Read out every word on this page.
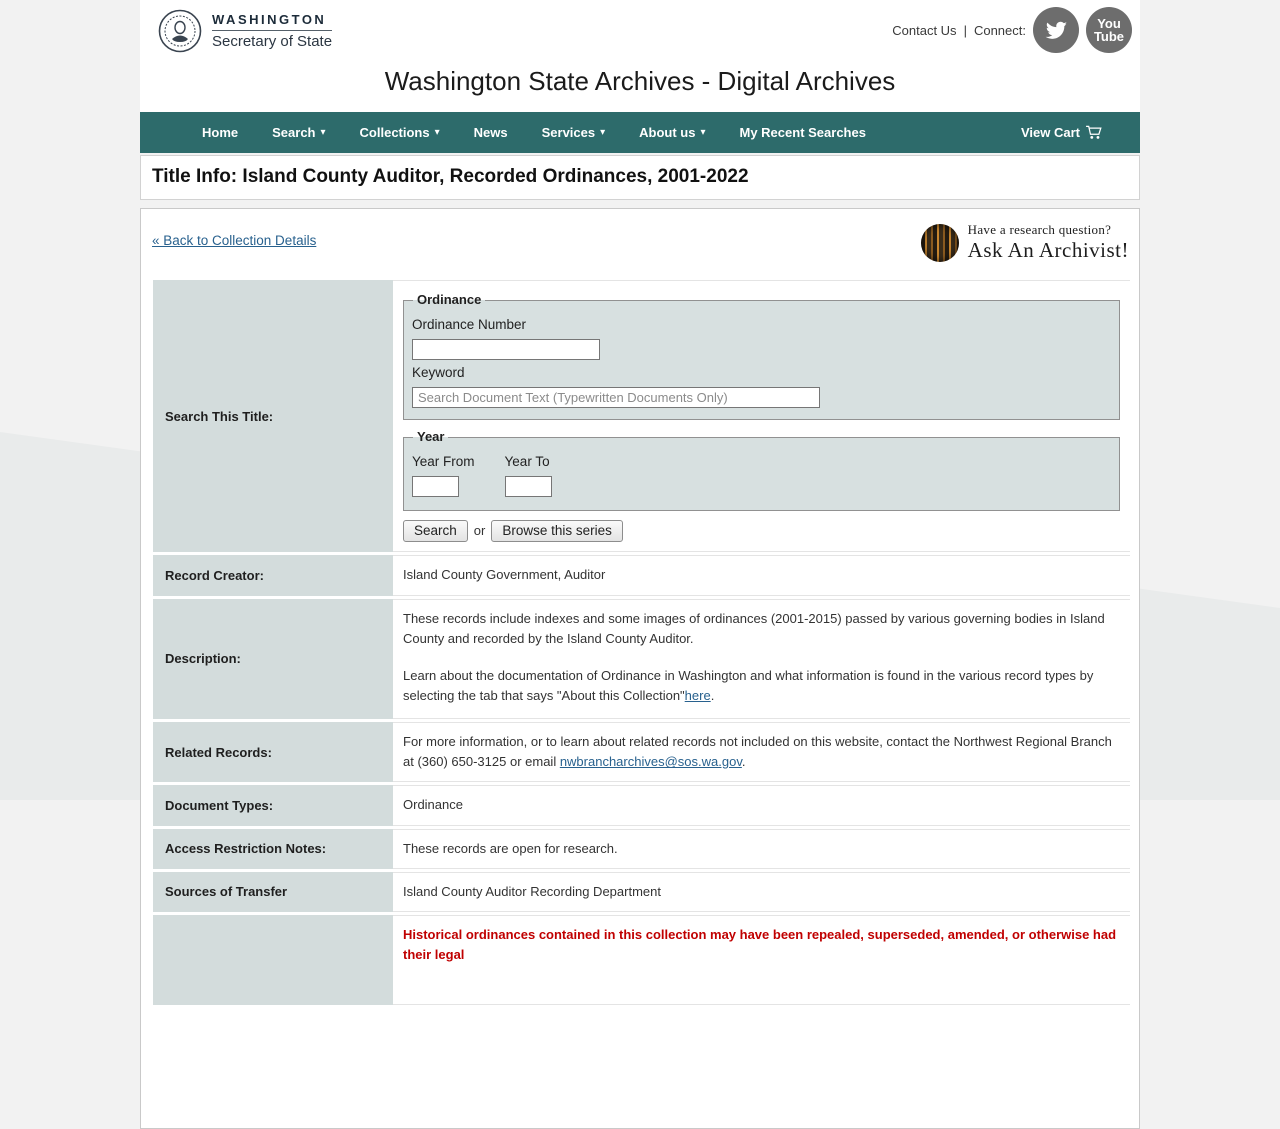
WASHINGTON
Secretary of State
Contact Us | Connect:	You
Tube
Washington State Archives - Digital Archives
Home	Search ▾	Collections ▾	News	Services ▾	About us ▾	My Recent Searches	View Cart
Title Info: Island County Auditor, Recorded Ordinances, 2001-2022
« Back to Collection Details
Have a research question?
Ask An Archivist!
Search This Title:
Ordinance
Ordinance Number
Keyword
Search Document Text (Typewritten Documents Only)
Year
Year From Year To
Search	or	Browse this series
Record Creator:	Island County Government, Auditor
Description:
These records include indexes and some images of ordinances (2001-2015) passed by various governing bodies in Island County and recorded by the Island County Auditor.
Learn about the documentation of Ordinance in Washington and what information is found in the various record types by selecting the tab that says "About this Collection"here.
Related Records:
For more information, or to learn about related records not included on this website, contact the Northwest Regional Branch at (360) 650-3125 or email nwbrancharchives@sos.wa.gov.
Document Types:	Ordinance
Access Restriction Notes:	These records are open for research.
Sources of Transfer	Island County Auditor Recording Department
Historical ordinances contained in this collection may have been repealed, superseded, amended, or otherwise had their legal
